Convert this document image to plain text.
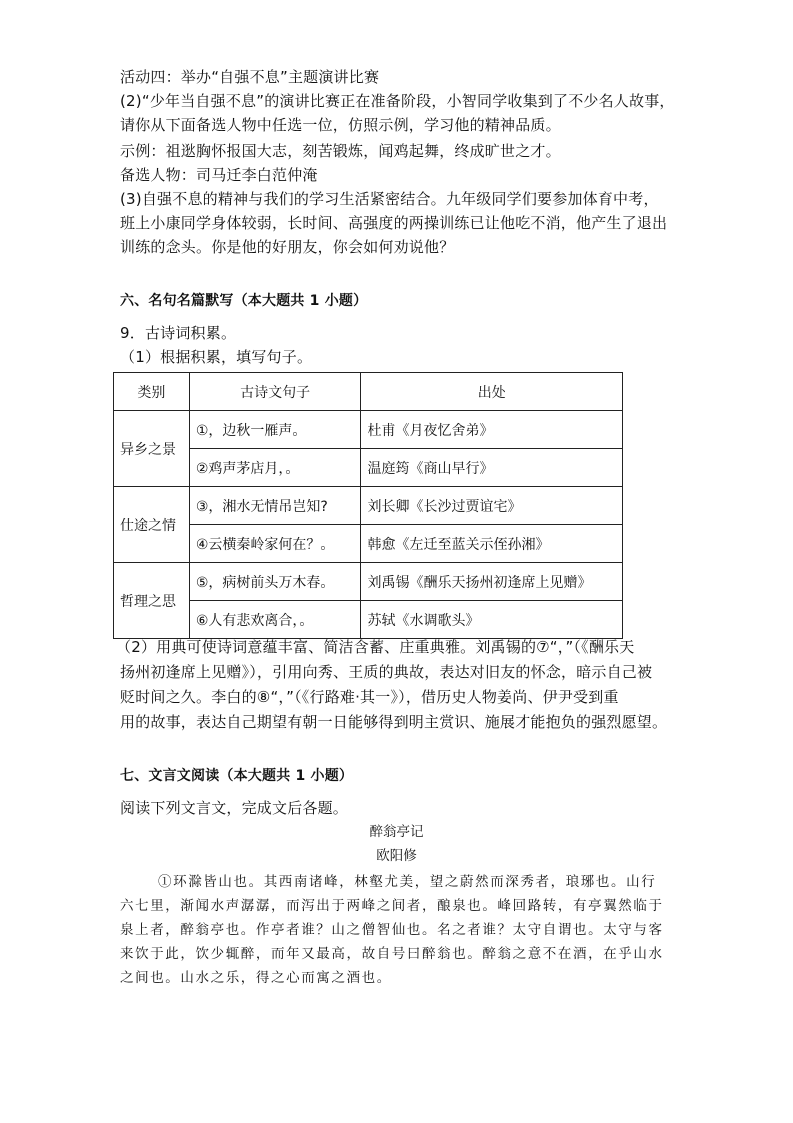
活动四：举办“自强不息”主题演讲比赛
(2)“少年当自强不息”的演讲比赛正在准备阶段，小智同学收集到了不少名人故事，
请你从下面备选人物中任选一位，仿照示例，学习他的精神品质。
示例：祖逖胸怀报国大志，刻苦锻炼，闻鸡起舞，终成旷世之才。
备选人物：司马迁李白范仲淹
(3)自强不息的精神与我们的学习生活紧密结合。九年级同学们要参加体育中考，
班上小康同学身体较弱，长时间、高强度的两操训练已让他吃不消，他产生了退出
训练的念头。你是他的好朋友，你会如何劝说他？
六、名句名篇默写（本大题共 1 小题）
9．古诗词积累。
（1）根据积累，填写句子。
类别	古诗文句子	出处
异乡之景	①，边秋一雁声。	杜甫《月夜忆舍弟》
	②鸡声茅店月，。	温庭筠《商山早行》
仕途之情	③，湘水无情吊岂知?	刘长卿《长沙过贾谊宅》
	④云横秦岭家何在？。	韩愈《左迁至蓝关示侄孙湘》
哲理之思	⑤，病树前头万木春。	刘禹锡《酬乐天扬州初逢席上见赠》
	⑥人有悲欢离合，。	苏轼《水调歌头》
（2）用典可使诗词意蕴丰富、简洁含蓄、庄重典雅。刘禹锡的⑦“，”（《酬乐天
扬州初逢席上见赠》），引用向秀、王质的典故，表达对旧友的怀念，暗示自己被
贬时间之久。李白的⑧“，”（《行路难·其一》），借历史人物姜尚、伊尹受到重
用的故事，表达自己期望有朝一日能够得到明主赏识、施展才能抱负的强烈愿望。
七、文言文阅读（本大题共 1 小题）
阅读下列文言文，完成文后各题。
醉翁亭记
欧阳修
①环滁皆山也。其西南诸峰，林壑尤美，望之蔚然而深秀者，琅琊也。山行
六七里，渐闻水声潺潺，而泻出于两峰之间者，酿泉也。峰回路转，有亭翼然临于
泉上者，醉翁亭也。作亭者谁？山之僧智仙也。名之者谁？太守自谓也。太守与客
来饮于此，饮少辄醉，而年又最高，故自号曰醉翁也。醉翁之意不在酒，在乎山水
之间也。山水之乐，得之心而寓之酒也。
